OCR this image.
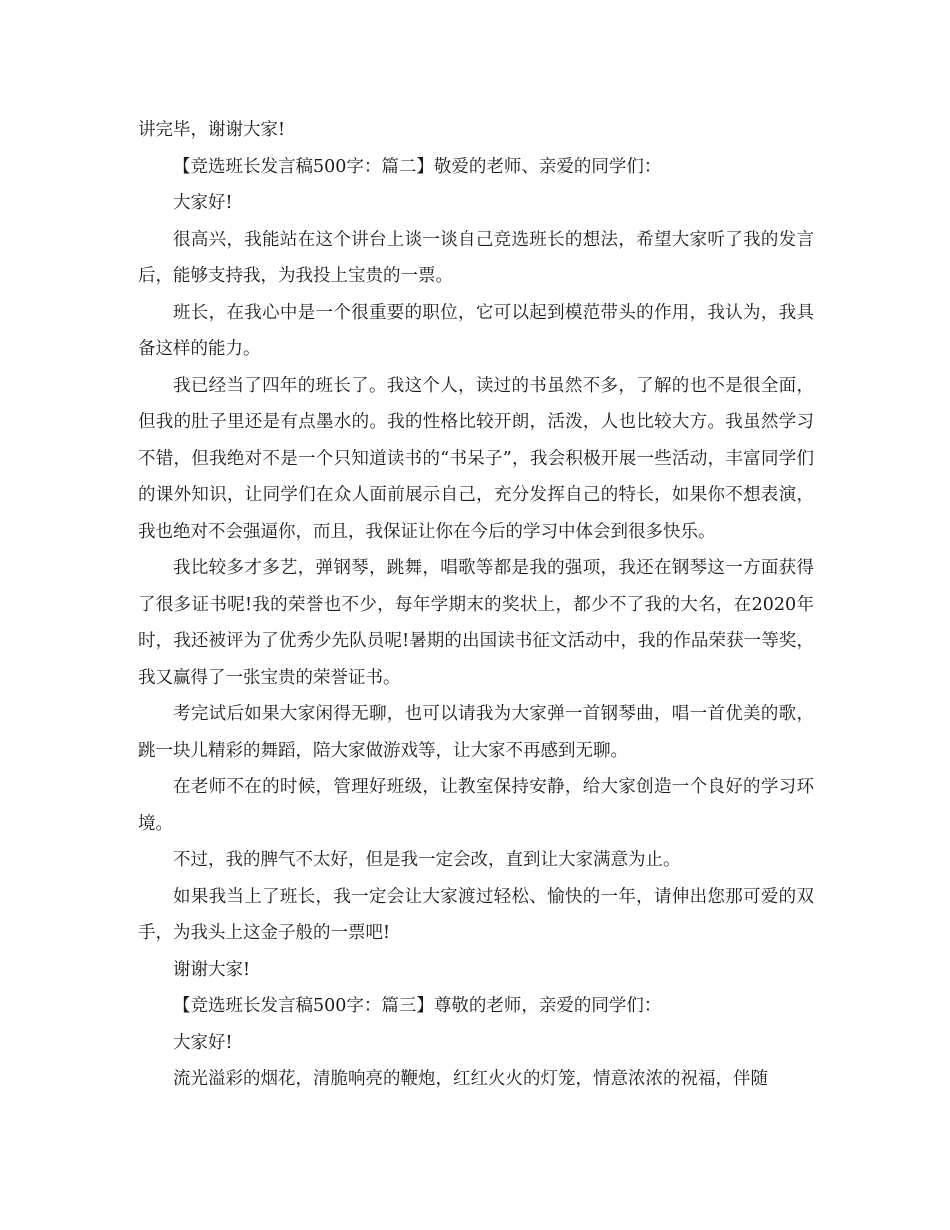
讲完毕，谢谢大家!

【竞选班长发言稿500字：篇二】敬爱的老师、亲爱的同学们：

大家好!

很高兴，我能站在这个讲台上谈一谈自己竞选班长的想法，希望大家听了我的发言后，能够支持我，为我投上宝贵的一票。

班长，在我心中是一个很重要的职位，它可以起到模范带头的作用，我认为，我具备这样的能力。

我已经当了四年的班长了。我这个人，读过的书虽然不多，了解的也不是很全面，但我的肚子里还是有点墨水的。我的性格比较开朗，活泼，人也比较大方。我虽然学习不错，但我绝对不是一个只知道读书的“书呆子”，我会积极开展一些活动，丰富同学们的课外知识，让同学们在众人面前展示自己，充分发挥自己的特长，如果你不想表演，我也绝对不会强逼你，而且，我保证让你在今后的学习中体会到很多快乐。

我比较多才多艺，弹钢琴，跳舞，唱歌等都是我的强项，我还在钢琴这一方面获得了很多证书呢!我的荣誉也不少，每年学期末的奖状上，都少不了我的大名，在2020年时，我还被评为了优秀少先队员呢!暑期的出国读书征文活动中，我的作品荣获一等奖，我又赢得了一张宝贵的荣誉证书。

考完试后如果大家闲得无聊，也可以请我为大家弹一首钢琴曲，唱一首优美的歌，跳一块儿精彩的舞蹈，陪大家做游戏等，让大家不再感到无聊。

在老师不在的时候，管理好班级，让教室保持安静，给大家创造一个良好的学习环境。

不过，我的脾气不太好，但是我一定会改，直到让大家满意为止。

如果我当上了班长，我一定会让大家渡过轻松、愉快的一年，请伸出您那可爱的双手，为我头上这金子般的一票吧!

谢谢大家!

【竞选班长发言稿500字：篇三】尊敬的老师，亲爱的同学们：

大家好!

流光溢彩的烟花，清脆响亮的鞭炮，红红火火的灯笼，情意浓浓的祝福，伴随
